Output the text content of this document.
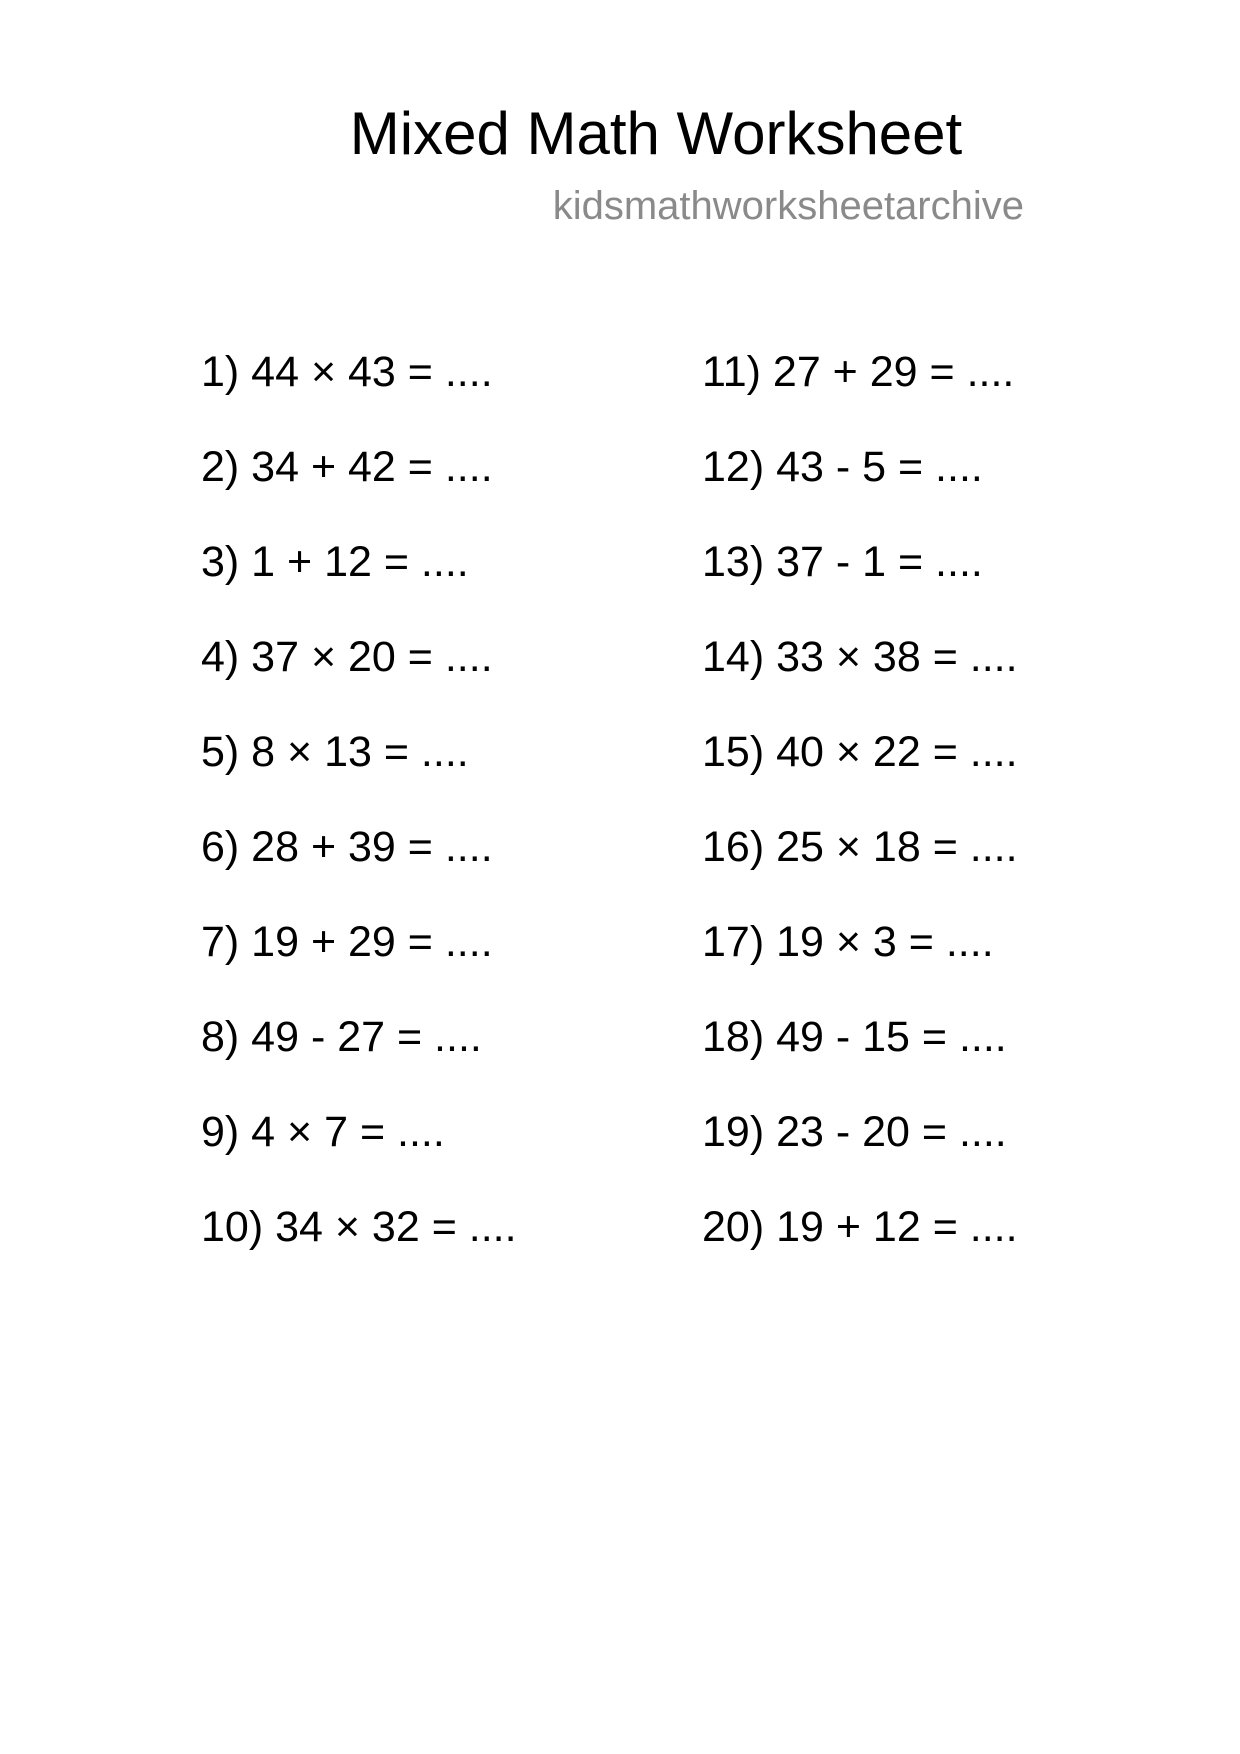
Mixed Math Worksheet
kidsmathworksheetarchive
1) 44 × 43 = ....
2) 34 + 42 = ....
3) 1 + 12 = ....
4) 37 × 20 = ....
5) 8 × 13 = ....
6) 28 + 39 = ....
7) 19 + 29 = ....
8) 49 - 27 = ....
9) 4 × 7 = ....
10) 34 × 32 = ....
11) 27 + 29 = ....
12) 43 - 5 = ....
13) 37 - 1 = ....
14) 33 × 38 = ....
15) 40 × 22 = ....
16) 25 × 18 = ....
17) 19 × 3 = ....
18) 49 - 15 = ....
19) 23 - 20 = ....
20) 19 + 12 = ....
